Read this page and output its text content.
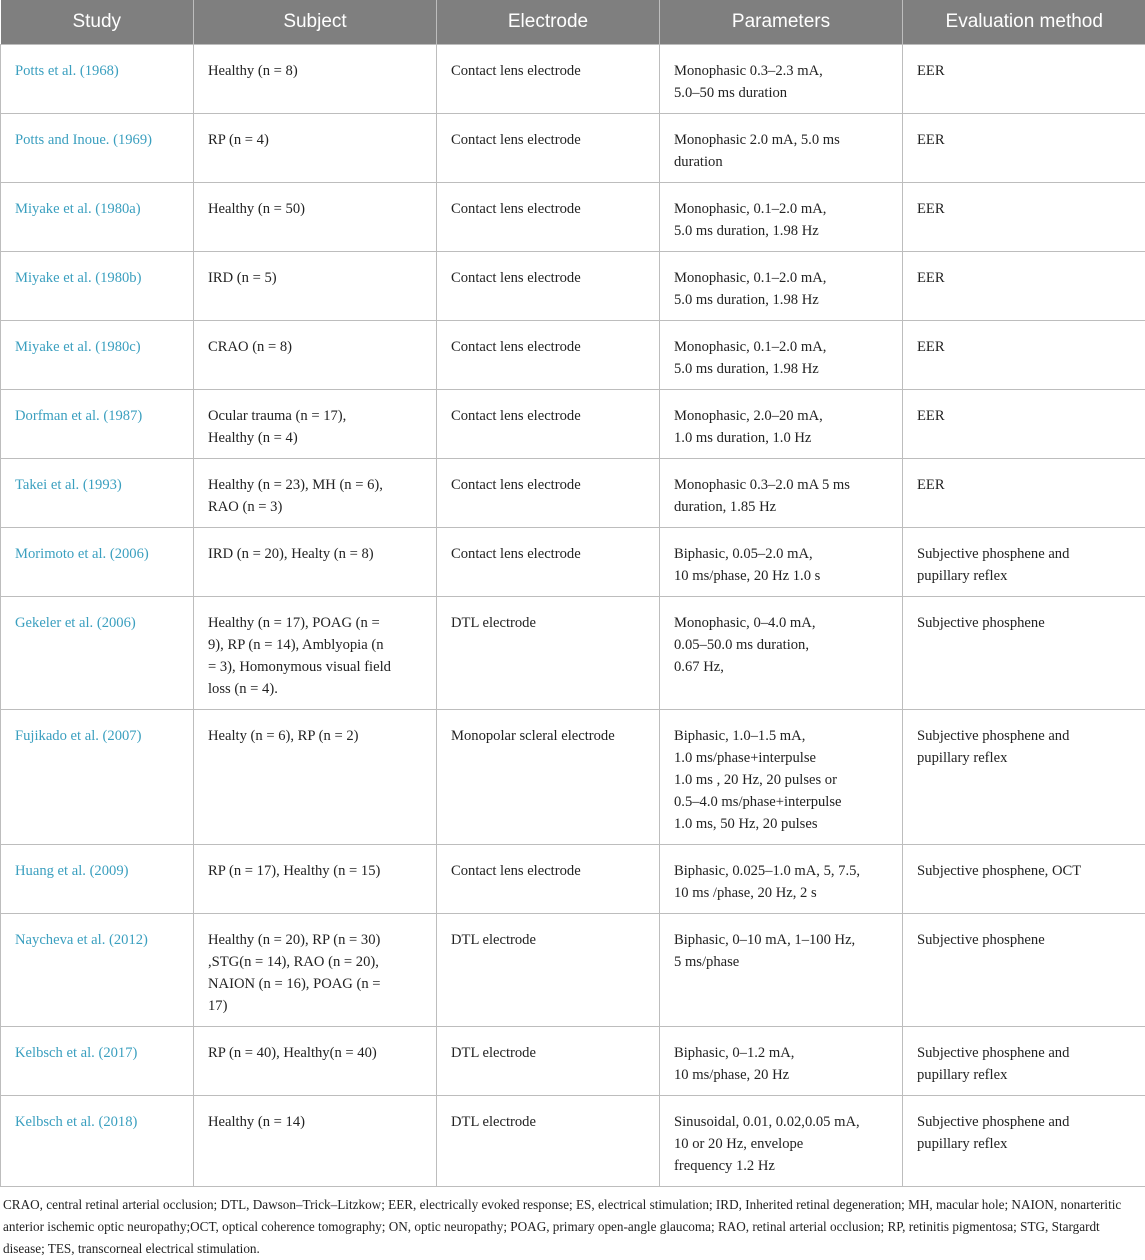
Study	Subject	Electrode	Parameters	Evaluation method
Potts et al. (1968)	Healthy (n = 8)	Contact lens electrode	Monophasic 0.3–2.3 mA,
5.0–50 ms duration	EER
Potts and Inoue. (1969)	RP (n = 4)	Contact lens electrode	Monophasic 2.0 mA, 5.0 ms
duration	EER
Miyake et al. (1980a)	Healthy (n = 50)	Contact lens electrode	Monophasic, 0.1–2.0 mA,
5.0 ms duration, 1.98 Hz	EER
Miyake et al. (1980b)	IRD (n = 5)	Contact lens electrode	Monophasic, 0.1–2.0 mA,
5.0 ms duration, 1.98 Hz	EER
Miyake et al. (1980c)	CRAO (n = 8)	Contact lens electrode	Monophasic, 0.1–2.0 mA,
5.0 ms duration, 1.98 Hz	EER
Dorfman et al. (1987)	Ocular trauma (n = 17),
Healthy (n = 4)	Contact lens electrode	Monophasic, 2.0–20 mA,
1.0 ms duration, 1.0 Hz	EER
Takei et al. (1993)	Healthy (n = 23), MH (n = 6),
RAO (n = 3)	Contact lens electrode	Monophasic 0.3–2.0 mA 5 ms
duration, 1.85 Hz	EER
Morimoto et al. (2006)	IRD (n = 20), Healty (n = 8)	Contact lens electrode	Biphasic, 0.05–2.0 mA,
10 ms/phase, 20 Hz 1.0 s	Subjective phosphene and
pupillary reflex
Gekeler et al. (2006)	Healthy (n = 17), POAG (n =
9), RP (n = 14), Amblyopia (n
= 3), Homonymous visual field
loss (n = 4).	DTL electrode	Monophasic, 0–4.0 mA,
0.05–50.0 ms duration,
0.67 Hz,	Subjective phosphene
Fujikado et al. (2007)	Healty (n = 6), RP (n = 2)	Monopolar scleral electrode	Biphasic, 1.0–1.5 mA,
1.0 ms/phase+interpulse
1.0 ms , 20 Hz, 20 pulses or
0.5–4.0 ms/phase+interpulse
1.0 ms, 50 Hz, 20 pulses	Subjective phosphene and
pupillary reflex
Huang et al. (2009)	RP (n = 17), Healthy (n = 15)	Contact lens electrode	Biphasic, 0.025–1.0 mA, 5, 7.5,
10 ms /phase, 20 Hz, 2 s	Subjective phosphene, OCT
Naycheva et al. (2012)	Healthy (n = 20), RP (n = 30)
,STG(n = 14), RAO (n = 20),
NAION (n = 16), POAG (n =
17)	DTL electrode	Biphasic, 0–10 mA, 1–100 Hz,
5 ms/phase	Subjective phosphene
Kelbsch et al. (2017)	RP (n = 40), Healthy(n = 40)	DTL electrode	Biphasic, 0–1.2 mA,
10 ms/phase, 20 Hz	Subjective phosphene and
pupillary reflex
Kelbsch et al. (2018)	Healthy (n = 14)	DTL electrode	Sinusoidal, 0.01, 0.02,0.05 mA,
10 or 20 Hz, envelope
frequency 1.2 Hz	Subjective phosphene and
pupillary reflex

CRAO, central retinal arterial occlusion; DTL, Dawson–Trick–Litzkow; EER, electrically evoked response; ES, electrical stimulation; IRD, Inherited retinal degeneration; MH, macular hole; NAION, nonarteritic anterior ischemic optic neuropathy;OCT, optical coherence tomography; ON, optic neuropathy; POAG, primary open-angle glaucoma; RAO, retinal arterial occlusion; RP, retinitis pigmentosa; STG, Stargardt disease; TES, transcorneal electrical stimulation.
